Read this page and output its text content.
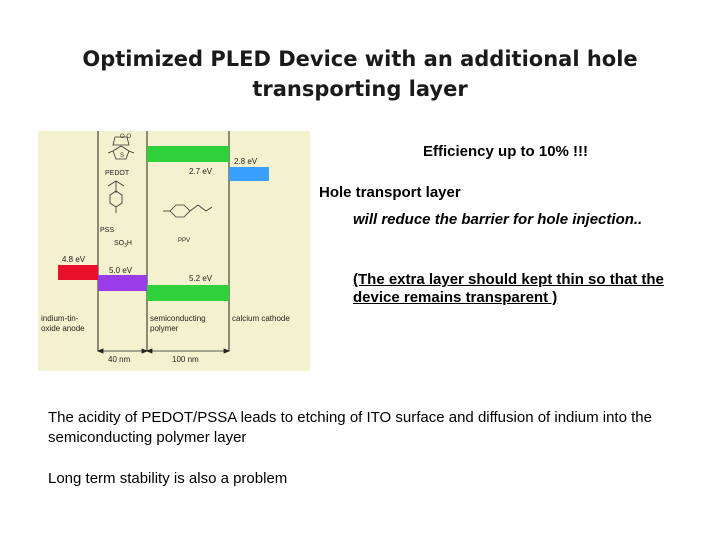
Optimized PLED Device with an additional hole
transporting layer
4.8 eV
5.0 eV
2.7 eV
5.2 eV
2.8 eV
indium-tin-oxide anode
semiconducting polymer
calcium cathode
O O
S
PEDOT
PSS
$SO_3H$	PPV
40 nm	100 nm
Efficiency up to 10% !!!
Hole transport layer
will reduce the barrier for hole injection..
(The extra layer should kept thin so that the device remains transparent )
The acidity of PEDOT/PSSA leads to etching of ITO surface and diffusion of indium into the semiconducting polymer layer
Long term stability is also a problem
